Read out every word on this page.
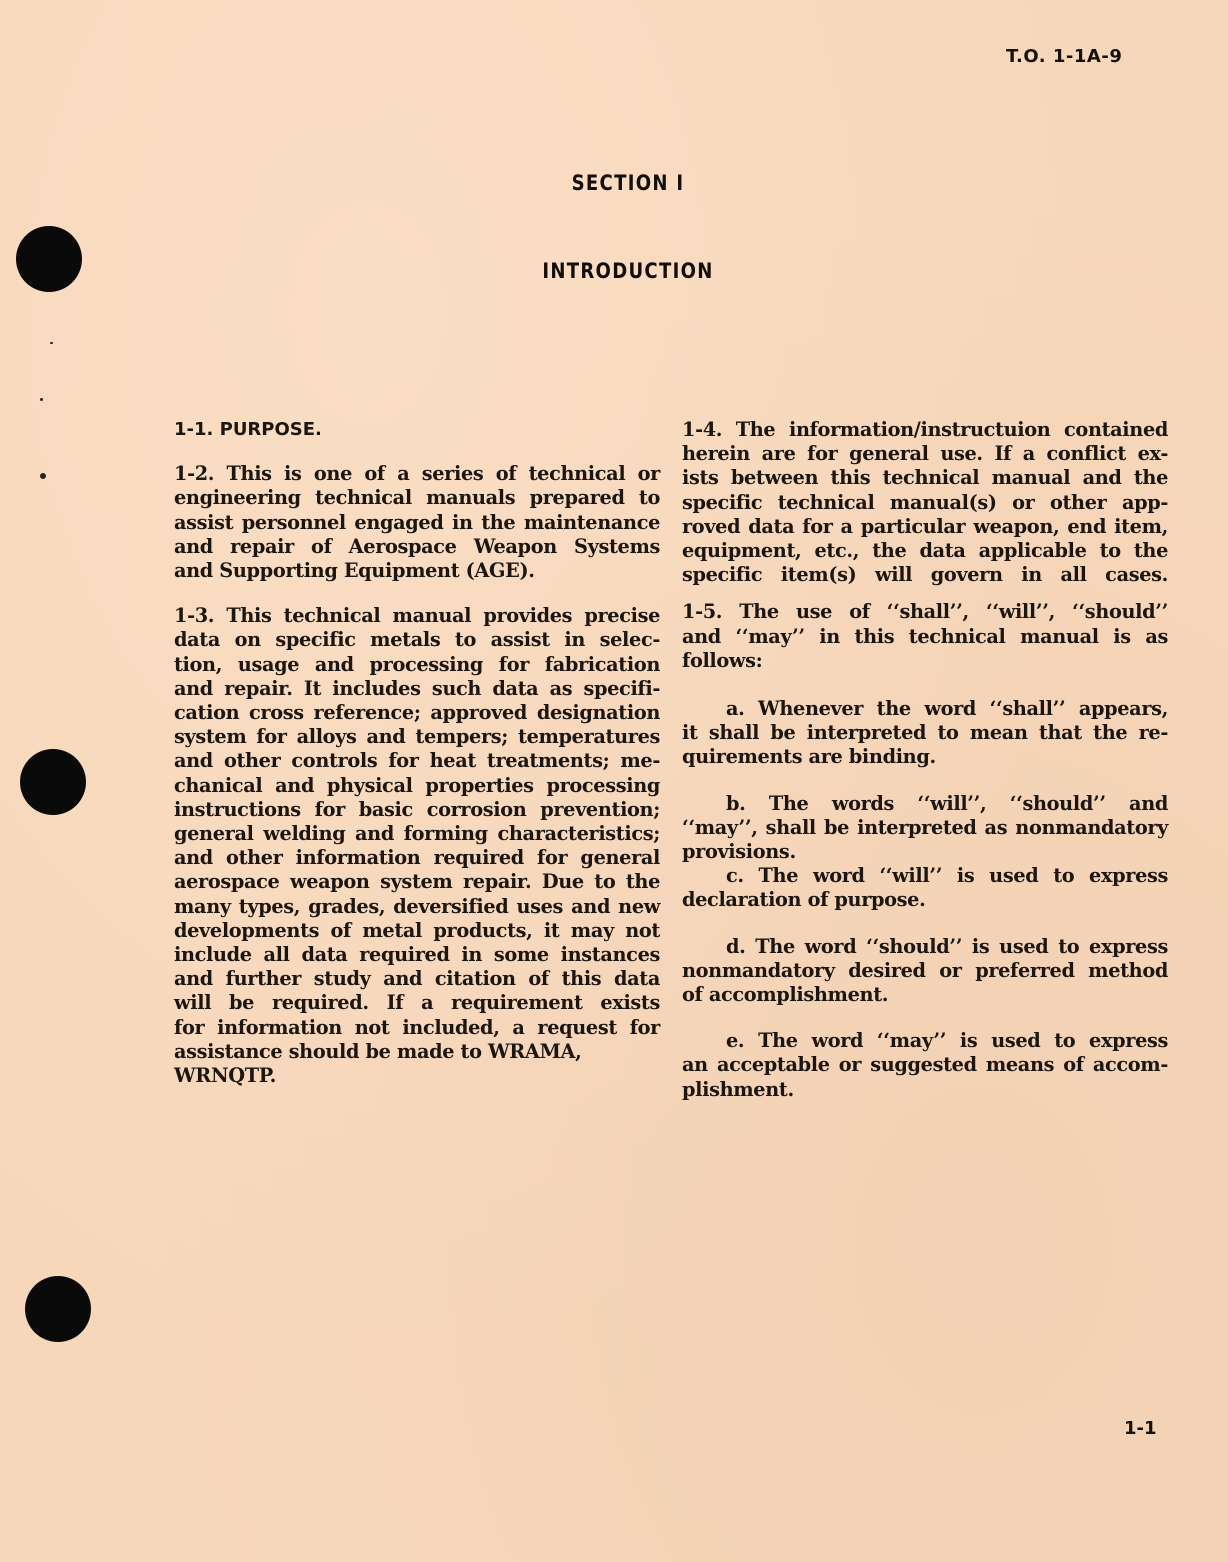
T.O. 1-1A-9
SECTION I
INTRODUCTION
1-1. PURPOSE.
1-2. This is one of a series of technical or
engineering technical manuals prepared to
assist personnel engaged in the maintenance
and repair of Aerospace Weapon Systems
and Supporting Equipment (AGE).
1-3. This technical manual provides precise
data on specific metals to assist in selec-
tion, usage and processing for fabrication
and repair. It includes such data as specifi-
cation cross reference; approved designation
system for alloys and tempers; temperatures
and other controls for heat treatments; me-
chanical and physical properties processing
instructions for basic corrosion prevention;
general welding and forming characteristics;
and other information required for general
aerospace weapon system repair. Due to the
many types, grades, deversified uses and new
developments of metal products, it may not
include all data required in some instances
and further study and citation of this data
will be required. If a requirement exists
for information not included, a request for
assistance should be made to WRAMA,
WRNQTP.
1-4. The information/instructuion contained
herein are for general use. If a conflict ex-
ists between this technical manual and the
specific technical manual(s) or other app-
roved data for a particular weapon, end item,
equipment, etc., the data applicable to the
specific item(s) will govern in all cases.
1-5. The use of ‘‘shall’’, ‘‘will’’, ‘‘should’’
and ‘‘may’’ in this technical manual is as
follows:
a. Whenever the word ‘‘shall’’ appears,
it shall be interpreted to mean that the re-
quirements are binding.
b. The words ‘‘will’’, ‘‘should’’ and
‘‘may’’, shall be interpreted as nonmandatory
provisions.
c. The word ‘‘will’’ is used to express
declaration of purpose.
d. The word ‘‘should’’ is used to express
nonmandatory desired or preferred method
of accomplishment.
e. The word ‘‘may’’ is used to express
an acceptable or suggested means of accom-
plishment.
1-1
